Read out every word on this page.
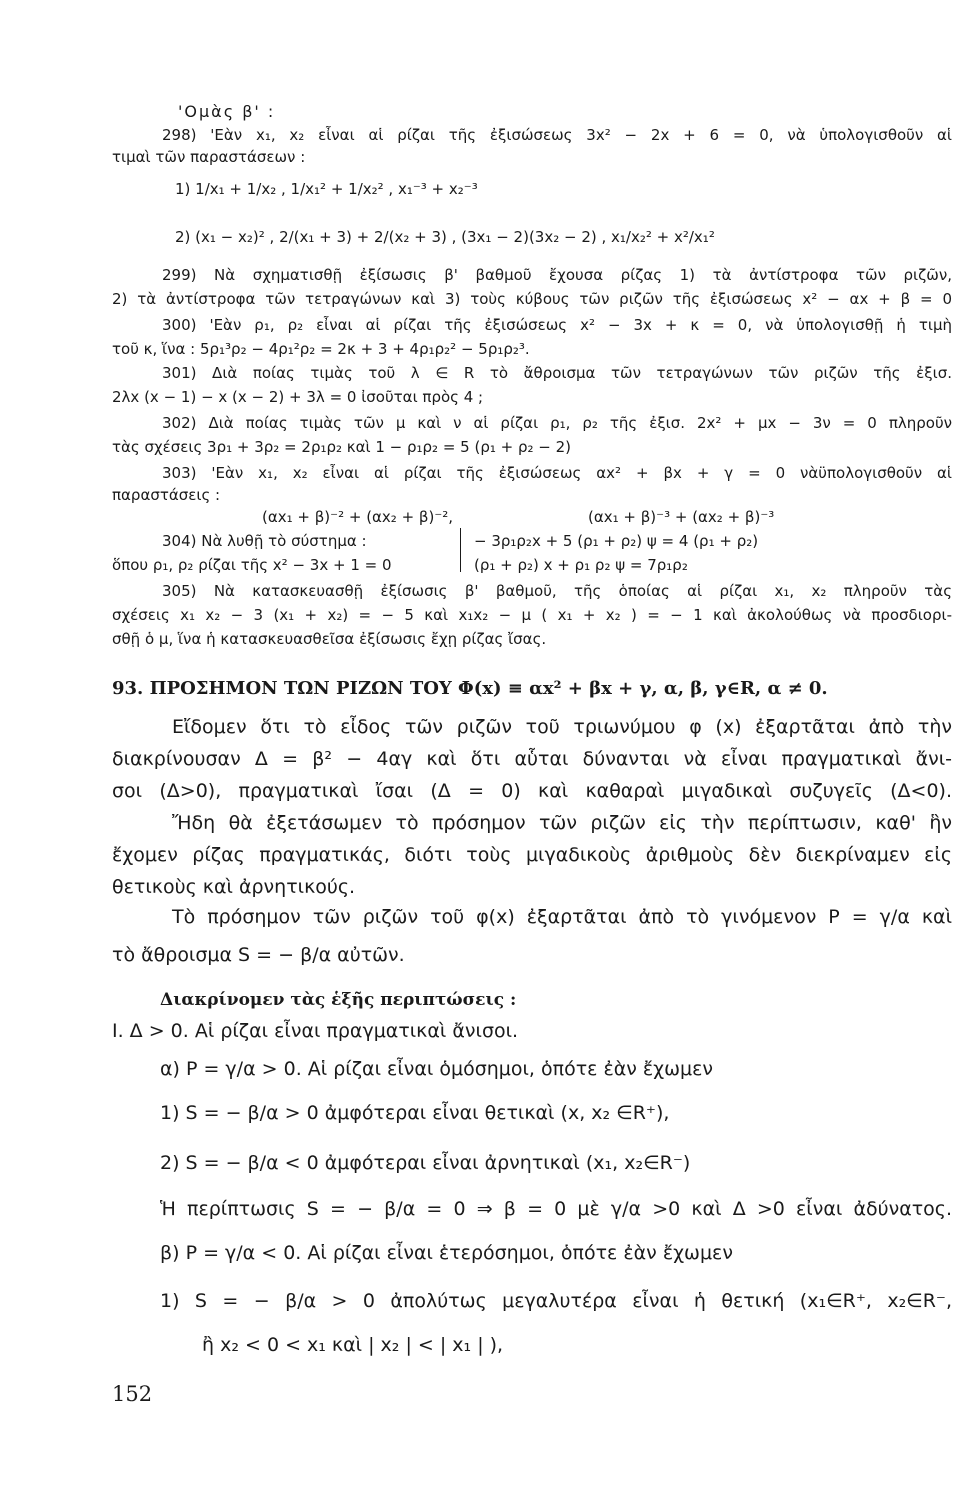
'Ομὰς β' :
298) 'Εὰν x₁, x₂ εἶναι αἱ ρίζαι τῆς ἐξισώσεως 3x² − 2x + 6 = 0, νὰ ὑπολογισθοῦν αἱ
τιμαὶ τῶν παραστάσεων :
1) 1/x₁ + 1/x₂ , 1/x₁² + 1/x₂² , x₁⁻³ + x₂⁻³
2) (x₁ − x₂)² , 2/(x₁ + 3) + 2/(x₂ + 3) , (3x₁ − 2)(3x₂ − 2) , x₁/x₂² + x²/x₁²
299) Νὰ σχηματισθῇ ἐξίσωσις β' βαθμοῦ ἔχουσα ρίζας 1) τὰ ἀντίστροφα τῶν ριζῶν,
2) τὰ ἀντίστροφα τῶν τετραγώνων καὶ 3) τοὺς κύβους τῶν ριζῶν τῆς ἐξισώσεως x² − αx + β = 0
300) 'Εὰν ρ₁, ρ₂ εἶναι αἱ ρίζαι τῆς ἐξισώσεως x² − 3x + κ = 0, νὰ ὑπολογισθῇ ἡ τιμὴ
τοῦ κ, ἵνα : 5ρ₁³ρ₂ − 4ρ₁²ρ₂ = 2κ + 3 + 4ρ₁ρ₂² − 5ρ₁ρ₂³.
301) Διὰ ποίας τιμὰς τοῦ λ ∈ R τὸ ἄθροισμα τῶν τετραγώνων τῶν ριζῶν τῆς ἐξισ.
2λx (x − 1) − x (x − 2) + 3λ = 0 ἰσοῦται πρὸς 4 ;
302) Διὰ ποίας τιμὰς τῶν μ καὶ ν αἱ ρίζαι ρ₁, ρ₂ τῆς ἐξισ. 2x² + μx − 3ν = 0 πληροῦν
τὰς σχέσεις 3ρ₁ + 3ρ₂ = 2ρ₁ρ₂ καὶ 1 − ρ₁ρ₂ = 5 (ρ₁ + ρ₂ − 2)
303) 'Εὰν x₁, x₂ εἶναι αἱ ρίζαι τῆς ἐξισώσεως αx² + βx + γ = 0 νὰϋπολογισθοῦν αἱ
παραστάσεις :
(αx₁ + β)⁻² + (αx₂ + β)⁻²,	(αx₁ + β)⁻³ + (αx₂ + β)⁻³
304) Νὰ λυθῇ τὸ σύστημα :
ὅπου ρ₁, ρ₂ ρίζαι τῆς x² − 3x + 1 = 0
− 3ρ₁ρ₂x + 5 (ρ₁ + ρ₂) ψ = 4 (ρ₁ + ρ₂)
(ρ₁ + ρ₂) x + ρ₁ ρ₂ ψ = 7ρ₁ρ₂
305) Νὰ κατασκευασθῇ ἐξίσωσις β' βαθμοῦ, τῆς ὁποίας αἱ ρίζαι x₁, x₂ πληροῦν τὰς
σχέσεις x₁ x₂ − 3 (x₁ + x₂) = − 5 καὶ x₁x₂ − μ ( x₁ + x₂ ) = − 1 καὶ ἀκολούθως νὰ προσδιορι-
σθῇ ὁ μ, ἵνα ἡ κατασκευασθεῖσα ἐξίσωσις ἔχῃ ρίζας ἴσας.
93. ΠΡΟΣΗΜΟΝ ΤΩΝ ΡΙΖΩΝ ΤΟΥ Φ(x) ≡ αx² + βx + γ, α, β, γ∈R, α ≠ 0.
Εἴδομεν ὅτι τὸ εἶδος τῶν ριζῶν τοῦ τριωνύμου φ (x) ἐξαρτᾶται ἀπὸ τὴν
διακρίνουσαν Δ = β² − 4αγ καὶ ὅτι αὗται δύνανται νὰ εἶναι πραγματικαὶ ἄνι-
σοι (Δ>0), πραγματικαὶ ἴσαι (Δ = 0) καὶ καθαραὶ μιγαδικαὶ συζυγεῖς (Δ<0).
Ἤδη θὰ ἐξετάσωμεν τὸ πρόσημον τῶν ριζῶν εἰς τὴν περίπτωσιν, καθ' ἣν
ἔχομεν ρίζας πραγματικάς, διότι τοὺς μιγαδικοὺς ἀριθμοὺς δὲν διεκρίναμεν εἰς
θετικοὺς καὶ ἀρνητικούς.
Τὸ πρόσημον τῶν ριζῶν τοῦ φ(x) ἐξαρτᾶται ἀπὸ τὸ γινόμενον P = γ/α καὶ
τὸ ἄθροισμα S = − β/α αὐτῶν.
Διακρίνομεν τὰς ἑξῆς περιπτώσεις :
I. Δ > 0. Αἱ ρίζαι εἶναι πραγματικαὶ ἄνισοι.
α) P = γ/α > 0. Αἱ ρίζαι εἶναι ὁμόσημοι, ὁπότε ἐὰν ἔχωμεν
1) S = − β/α > 0 ἀμφότεραι εἶναι θετικαὶ (x, x₂ ∈R⁺),
2) S = − β/α < 0 ἀμφότεραι εἶναι ἀρνητικαὶ (x₁, x₂∈R⁻)
Ἡ περίπτωσις S = − β/α = 0 ⇒ β = 0 μὲ γ/α >0 καὶ Δ >0 εἶναι ἀδύνατος.
β) P = γ/α < 0. Αἱ ρίζαι εἶναι ἑτερόσημοι, ὁπότε ἐὰν ἔχωμεν
1) S = − β/α > 0 ἀπολύτως μεγαλυτέρα εἶναι ἡ θετική (x₁∈R⁺, x₂∈R⁻,
ἢ x₂ < 0 < x₁ καὶ | x₂ | < | x₁ | ),
152
